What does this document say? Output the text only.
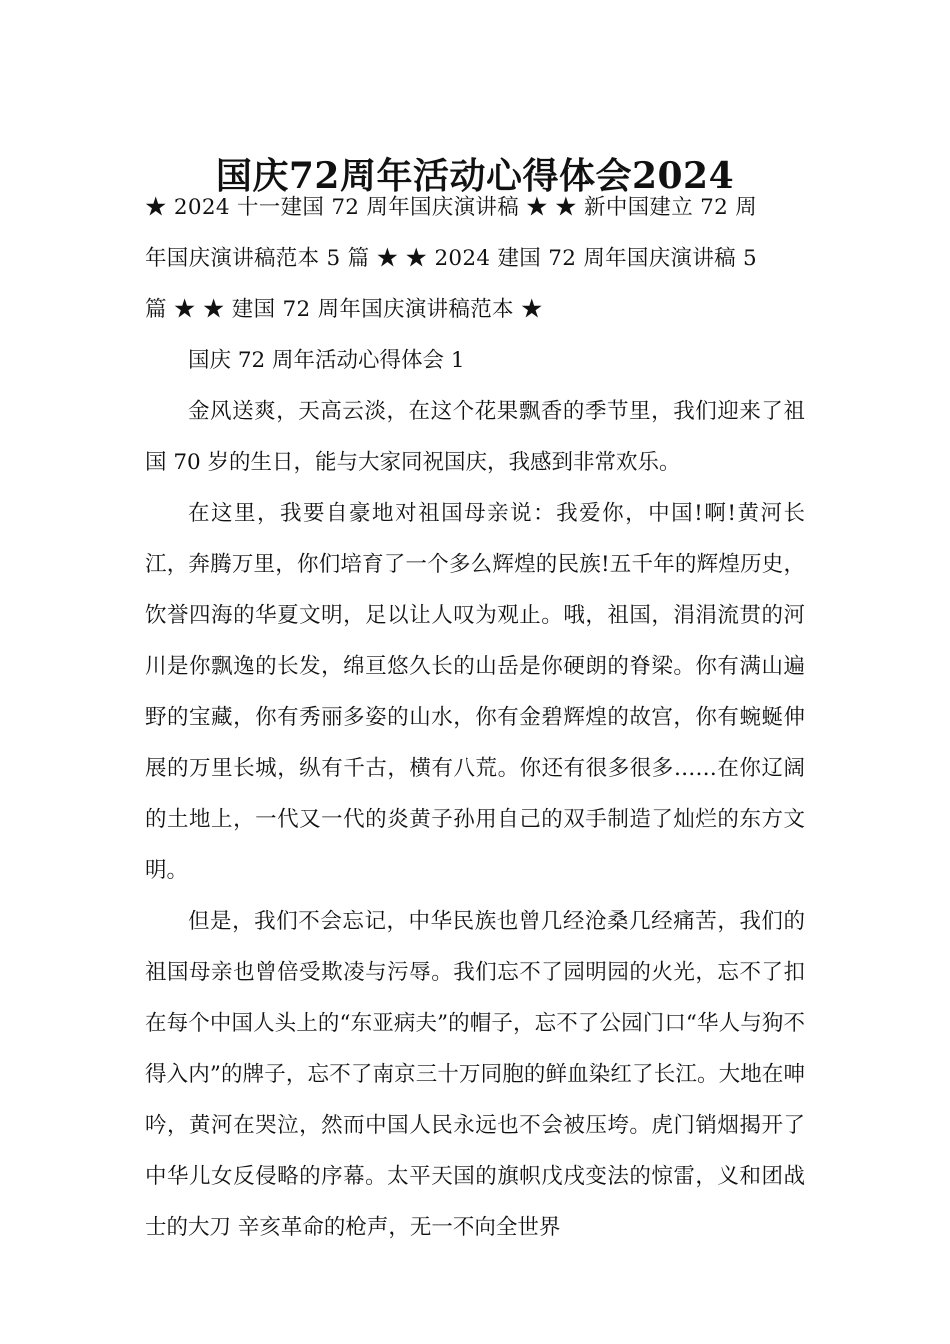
国庆72周年活动心得体会2024

★ 2024 十一建国 72 周年国庆演讲稿 ★ ★ 新中国建立 72 周
年国庆演讲稿范本 5 篇 ★ ★ 2024 建国 72 周年国庆演讲稿 5
篇 ★ ★ 建国 72 周年国庆演讲稿范本 ★

国庆 72 周年活动心得体会 1

金风送爽，天高云淡，在这个花果飘香的季节里，我们迎来了祖国 70 岁的生日，能与大家同祝国庆，我感到非常欢乐。

在这里，我要自豪地对祖国母亲说：我爱你，中国!啊!黄河长江，奔腾万里，你们培育了一个多么辉煌的民族!五千年的辉煌历史，饮誉四海的华夏文明，足以让人叹为观止。哦，祖国，涓涓流贯的河川是你飘逸的长发，绵亘悠久长的山岳是你硬朗的脊梁。你有满山遍野的宝藏，你有秀丽多姿的山水，你有金碧辉煌的故宫，你有蜿蜒伸展的万里长城，纵有千古，横有八荒。你还有很多很多……在你辽阔的土地上，一代又一代的炎黄子孙用自己的双手制造了灿烂的东方文明。

但是，我们不会忘记，中华民族也曾几经沧桑几经痛苦，我们的祖国母亲也曾倍受欺凌与污辱。我们忘不了园明园的火光，忘不了扣在每个中国人头上的“东亚病夫”的帽子，忘不了公园门口“华人与狗不得入内”的牌子，忘不了南京三十万同胞的鲜血染红了长江。大地在呻吟，黄河在哭泣，然而中国人民永远也不会被压垮。虎门销烟揭开了中华儿女反侵略的序幕。太平天国的旗帜戊戌变法的惊雷，义和团战士的大刀 辛亥革命的枪声，无一不向全世界
